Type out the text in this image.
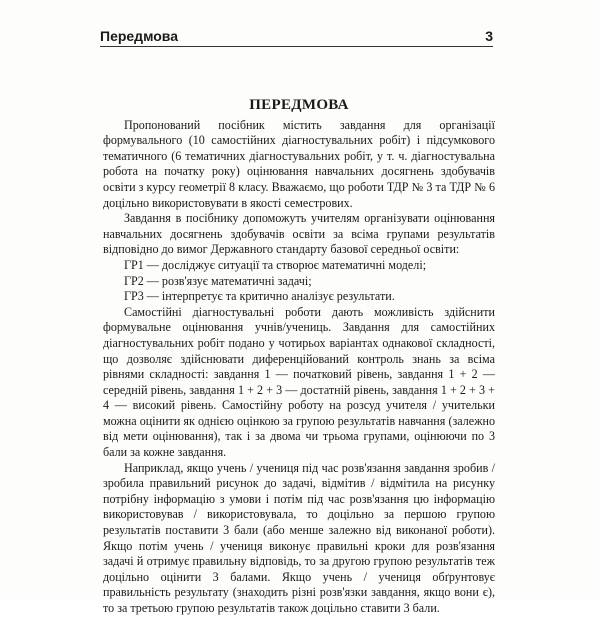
Передмова	3
ПЕРЕДМОВА

Пропонований посібник містить завдання для організації формувального (10 самостійних діагностувальних робіт) і підсумкового тематичного (6 тематичних діагностувальних робіт, у т. ч. діагностувальна робота на початку року) оцінювання навчальних досягнень здобувачів освіти з курсу геометрії 8 класу. Вважаємо, що роботи ТДР № 3 та ТДР № 6 доцільно використовувати в якості семестрових.

Завдання в посібнику допоможуть учителям організувати оцінювання навчальних досягнень здобувачів освіти за всіма групами результатів відповідно до вимог Державного стандарту базової середньої освіти:

ГР1 — досліджує ситуації та створює математичні моделі;

ГР2 — розв'язує математичні задачі;

ГР3 — інтерпретує та критично аналізує результати.

Самостійні діагностувальні роботи дають можливість здійснити формувальне оцінювання учнів/учениць. Завдання для самостійних діагностувальних робіт подано у чотирьох варіантах однакової складності, що дозволяє здійснювати диференційований контроль знань за всіма рівнями складності: завдання 1 — початковий рівень, завдання 1 + 2 — середній рівень, завдання 1 + 2 + 3 — достатній рівень, завдання 1 + 2 + 3 + 4 — високий рівень. Самостійну роботу на розсуд учителя / учительки можна оцінити як однією оцінкою за групою результатів навчання (залежно від мети оцінювання), так і за двома чи трьома групами, оцінюючи по 3 бали за кожне завдання.

Наприклад, якщо учень / учениця під час розв'язання завдання зробив / зробила правильний рисунок до задачі, відмітив / відмітила на рисунку потрібну інформацію з умови і потім під час розв'язання цю інформацію використовував / використовувала, то доцільно за першою групою результатів поставити 3 бали (або менше залежно від виконаної роботи). Якщо потім учень / учениця виконує правильні кроки для розв'язання задачі й отримує правильну відповідь, то за другою групою результатів теж доцільно оцінити 3 балами. Якщо учень / учениця обґрунтовує правильність результату (знаходить різні розв'язки завдання, якщо вони є), то за третьою групою результатів також доцільно ставити 3 бали.
